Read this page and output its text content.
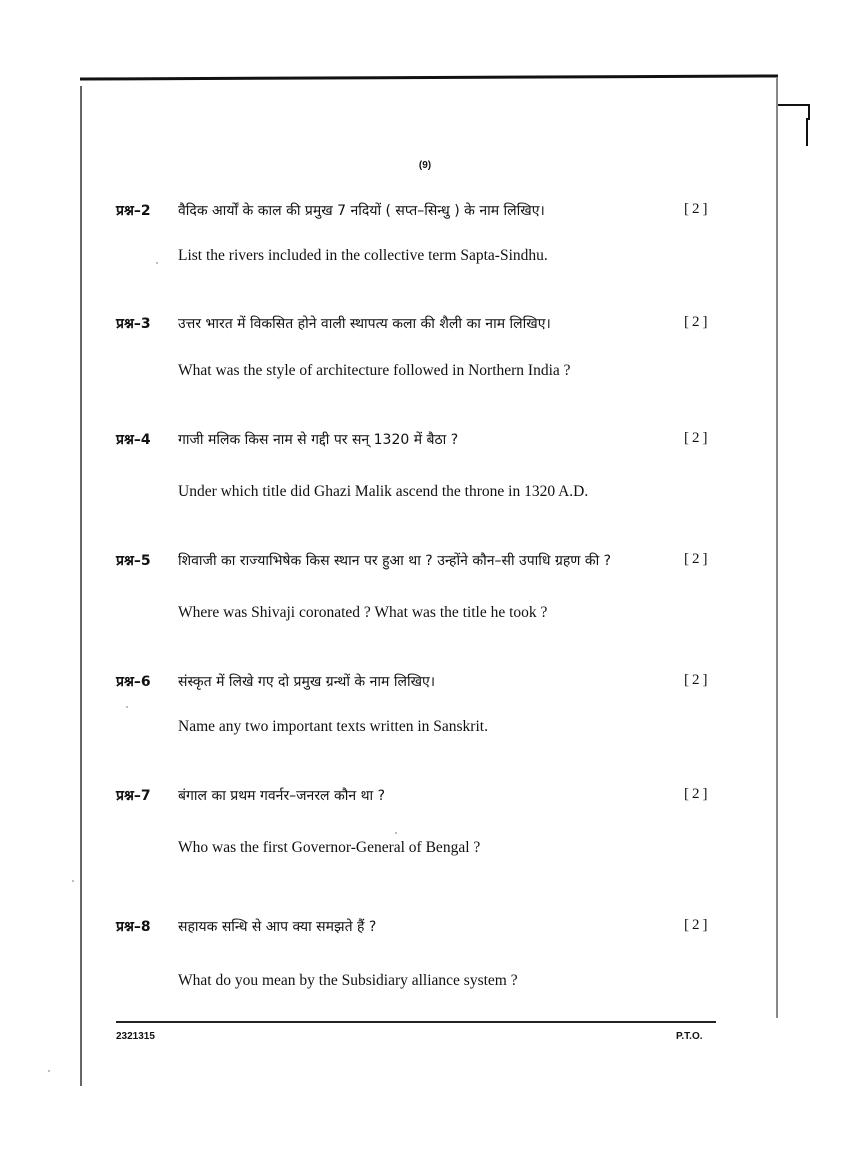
(9)
प्रश्न–2 वैदिक आर्यों के काल की प्रमुख 7 नदियों ( सप्त–सिन्धु ) के नाम लिखिए।	[2]
List the rivers included in the collective term Sapta-Sindhu.
प्रश्न–3 उत्तर भारत में विकसित होने वाली स्थापत्य कला की शैली का नाम लिखिए।	[2]
What was the style of architecture followed in Northern India ?
प्रश्न–4 गाजी मलिक किस नाम से गद्दी पर सन् 1320 में बैठा ?	[2]
Under which title did Ghazi Malik ascend the throne in 1320 A.D.
प्रश्न–5 शिवाजी का राज्याभिषेक किस स्थान पर हुआ था ? उन्होंने कौन–सी उपाधि ग्रहण की ?	[2]
Where was Shivaji coronated ? What was the title he took ?
प्रश्न–6 संस्कृत में लिखे गए दो प्रमुख ग्रन्थों के नाम लिखिए।	[2]
Name any two important texts written in Sanskrit.
प्रश्न–7 बंगाल का प्रथम गवर्नर–जनरल कौन था ?	[2]
Who was the first Governor-General of Bengal ?
प्रश्न–8 सहायक सन्धि से आप क्या समझते हैं ?	[2]
What do you mean by the Subsidiary alliance system ?
2321315	P.T.O.
